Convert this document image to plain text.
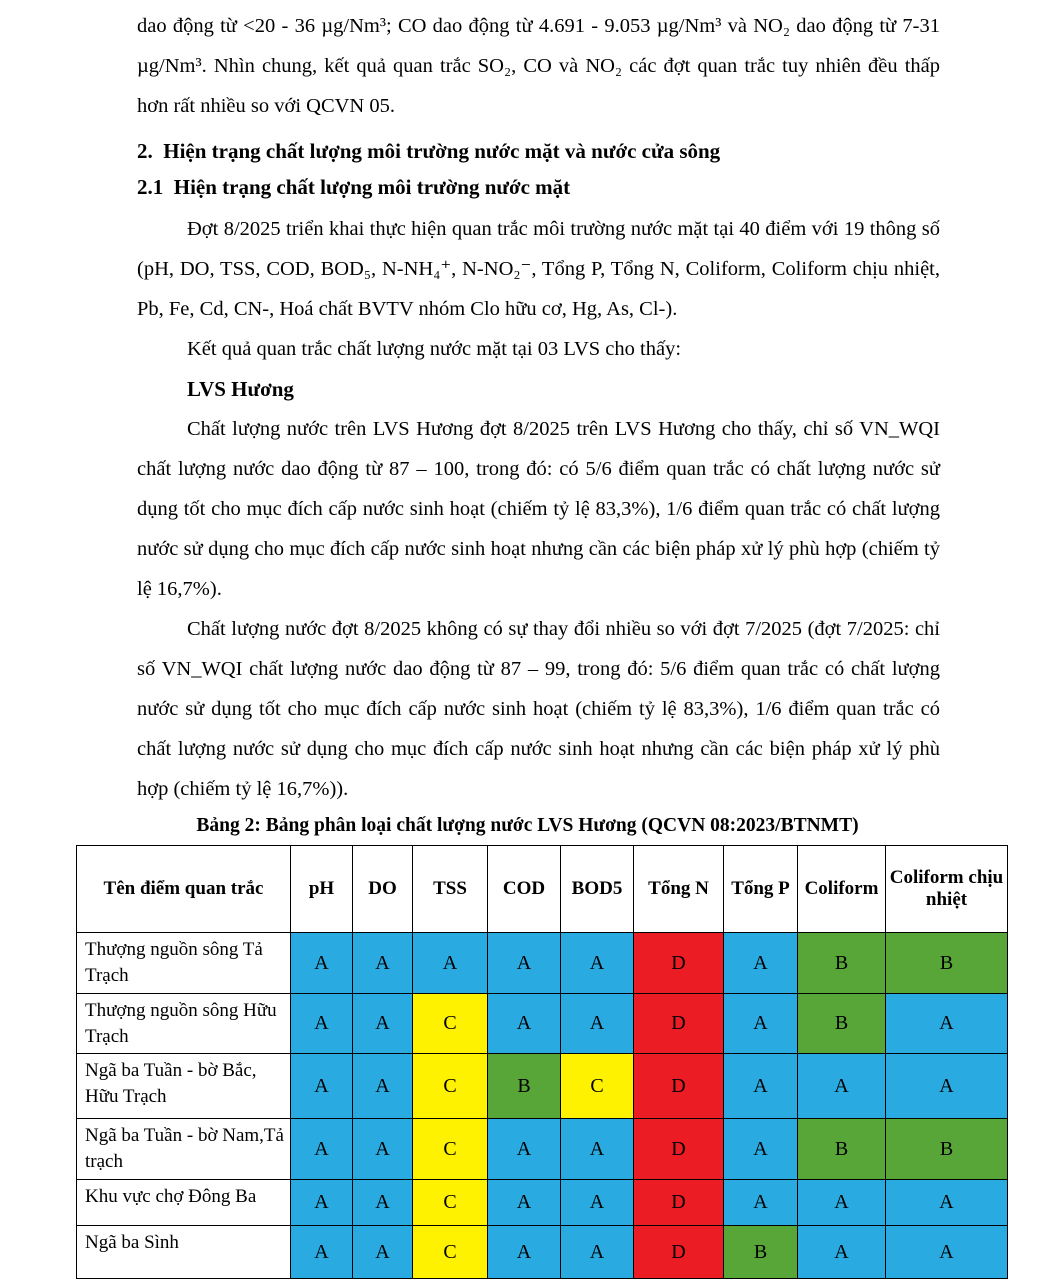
dao động từ <20 - 36 µg/Nm³; CO dao động từ 4.691 - 9.053 µg/Nm³ và NO₂ dao động từ 7-31 µg/Nm³. Nhìn chung, kết quả quan trắc SO₂, CO và NO₂ các đợt quan trắc tuy nhiên đều thấp hơn rất nhiều so với QCVN 05.

2.  Hiện trạng chất lượng môi trường nước mặt và nước cửa sông
2.1  Hiện trạng chất lượng môi trường nước mặt

Đợt 8/2025 triển khai thực hiện quan trắc môi trường nước mặt tại 40 điểm với 19 thông số (pH, DO, TSS, COD, BOD₅, N-NH₄⁺, N-NO₂⁻, Tổng P, Tổng N, Coliform, Coliform chịu nhiệt, Pb, Fe, Cd, CN-, Hoá chất BVTV nhóm Clo hữu cơ, Hg, As, Cl-).

Kết quả quan trắc chất lượng nước mặt tại 03 LVS cho thấy:

LVS Hương

Chất lượng nước trên LVS Hương đợt 8/2025 trên LVS Hương cho thấy, chỉ số VN_WQI chất lượng nước dao động từ 87 – 100, trong đó: có 5/6 điểm quan trắc có chất lượng nước sử dụng tốt cho mục đích cấp nước sinh hoạt (chiếm tỷ lệ 83,3%), 1/6 điểm quan trắc có chất lượng nước sử dụng cho mục đích cấp nước sinh hoạt nhưng cần các biện pháp xử lý phù hợp (chiếm tỷ lệ 16,7%).

Chất lượng nước đợt 8/2025 không có sự thay đổi nhiều so với đợt 7/2025 (đợt 7/2025: chỉ số VN_WQI chất lượng nước dao động từ 87 – 99, trong đó: 5/6 điểm quan trắc có chất lượng nước sử dụng tốt cho mục đích cấp nước sinh hoạt (chiếm tỷ lệ 83,3%), 1/6 điểm quan trắc có chất lượng nước sử dụng cho mục đích cấp nước sinh hoạt nhưng cần các biện pháp xử lý phù hợp (chiếm tỷ lệ 16,7%)).

Bảng 2: Bảng phân loại chất lượng nước LVS Hương (QCVN 08:2023/BTNMT)

Tên điểm quan trắc	pH	DO	TSS	COD	BOD5	Tổng N	Tổng P	Coliform	Coliform chịu nhiệt
Thượng nguồn sông Tả Trạch	A	A	A	A	A	D	A	B	B
Thượng nguồn sông Hữu Trạch	A	A	C	A	A	D	A	B	A
Ngã ba Tuần - bờ Bắc, Hữu Trạch	A	A	C	B	C	D	A	A	A
Ngã ba Tuần - bờ Nam,Tả trạch	A	A	C	A	A	D	A	B	B
Khu vực chợ Đông Ba	A	A	C	A	A	D	A	A	A
Ngã ba Sình	A	A	C	A	A	D	B	A	A
